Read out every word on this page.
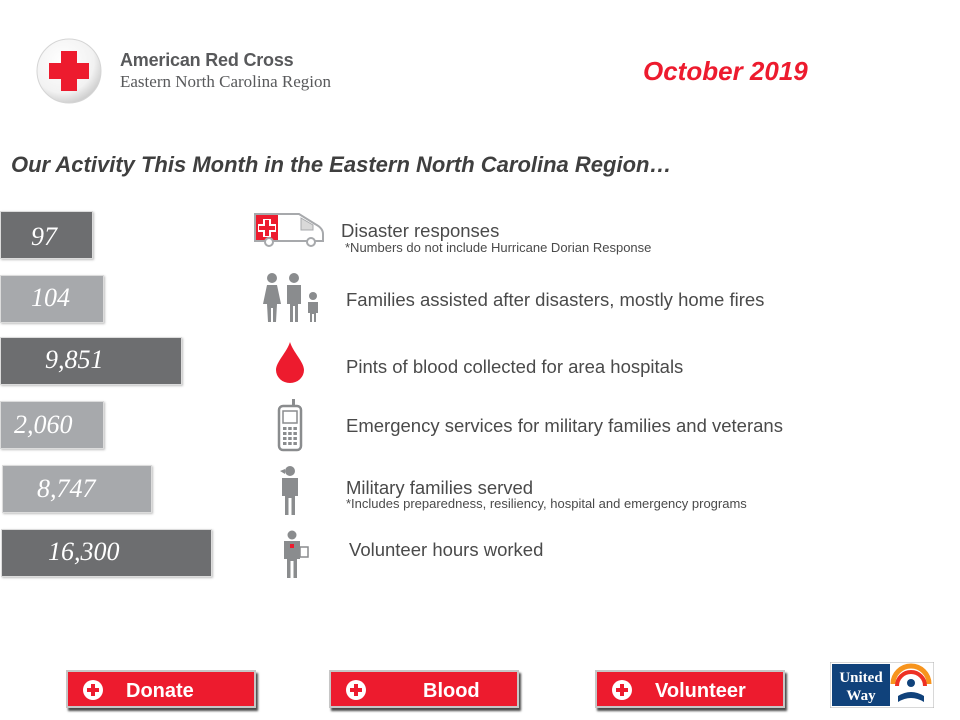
American Red Cross
Eastern North Carolina Region	October 2019
Our Activity This Month in the Eastern North Carolina Region…
97	Disaster responses
*Numbers do not include Hurricane Dorian Response
104	Families assisted after disasters, mostly home fires
9,851	Pints of blood collected for area hospitals
2,060	Emergency services for military families and veterans
8,747	Military families served
*Includes preparedness, resiliency, hospital and emergency programs
16,300	Volunteer hours worked
Donate	Blood	Volunteer
United
Way
